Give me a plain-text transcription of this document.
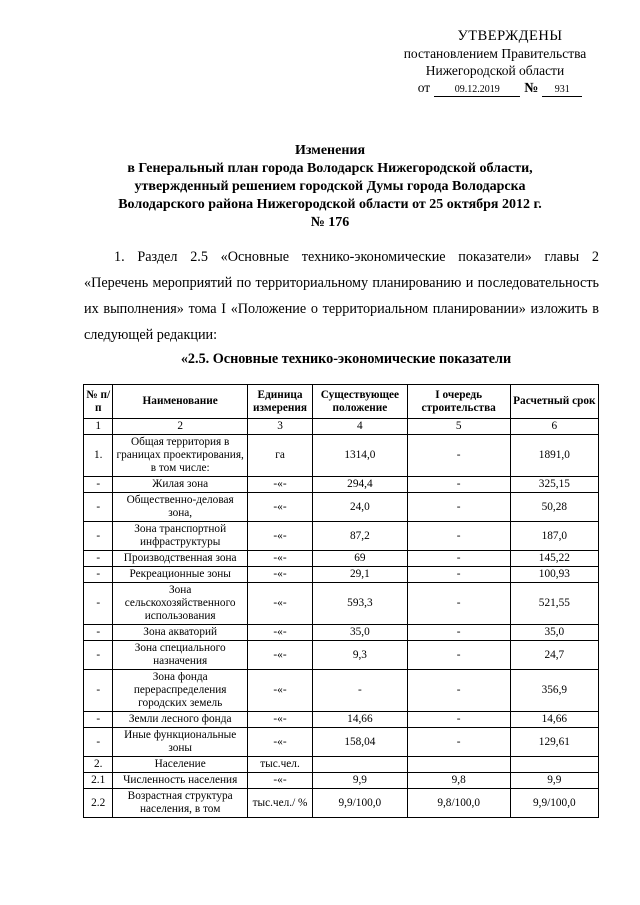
УТВЕРЖДЕНЫ
постановлением Правительства
Нижегородской области
от	09.12.2019	№	931
Изменения
в Генеральный план города Володарск Нижегородской области,
утвержденный решением городской Думы города Володарска
Володарского района Нижегородской области от 25 октября 2012 г.
№ 176
1. Раздел 2.5 «Основные технико-экономические показатели» главы 2 «Перечень мероприятий по территориальному планированию и последовательность их выполнения» тома I «Положение о территориальном планировании» изложить в следующей редакции:
«2.5. Основные технико-экономические показатели
№ п/п	Наименование	Единица измерения	Существующее положение	I очередь строительства	Расчетный срок
1	2	3	4	5	6
1.	Общая территория в границах проектирования, в том числе:	га	1314,0	-	1891,0
-	Жилая зона	-«-	294,4	-	325,15
-	Общественно-деловая зона,	-«-	24,0	-	50,28
-	Зона транспортной инфраструктуры	-«-	87,2	-	187,0
-	Производственная зона	-«-	69	-	145,22
-	Рекреационные зоны	-«-	29,1	-	100,93
-	Зона сельскохозяйственного использования	-«-	593,3	-	521,55
-	Зона акваторий	-«-	35,0	-	35,0
-	Зона специального назначения	-«-	9,3	-	24,7
-	Зона фонда перераспределения городских земель	-«-	-	-	356,9
-	Земли лесного фонда	-«-	14,66	-	14,66
-	Иные функциональные зоны	-«-	158,04	-	129,61
2.	Население	тыс.чел.			
2.1	Численность населения	-«-	9,9	9,8	9,9
2.2	Возрастная структура населения, в том	тыс.чел./ %	9,9/100,0	9,8/100,0	9,9/100,0
